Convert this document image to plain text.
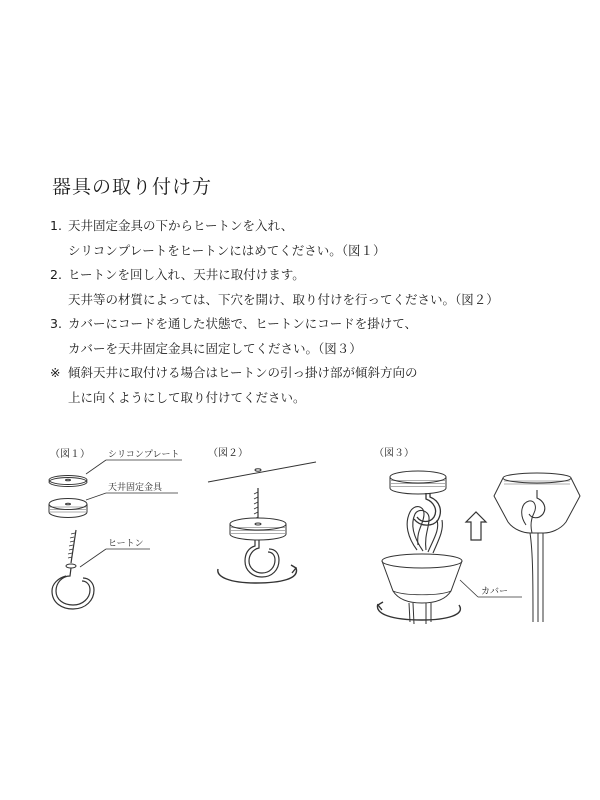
器具の取り付け方
1. 天井固定金具の下からヒートンを入れ、
シリコンプレートをヒートンにはめてください。（図１）
2. ヒートンを回し入れ、天井に取付けます。
天井等の材質によっては、下穴を開け、取り付けを行ってください。（図２）
3. カバーにコードを通した状態で、ヒートンにコードを掛けて、
カバーを天井固定金具に固定してください。（図３）
※ 傾斜天井に取付ける場合はヒートンの引っ掛け部が傾斜方向の
上に向くようにして取り付けてください。
（図１） シリコンプレート
天井固定金具
ヒートン
（図２）	（図３）
カバー
